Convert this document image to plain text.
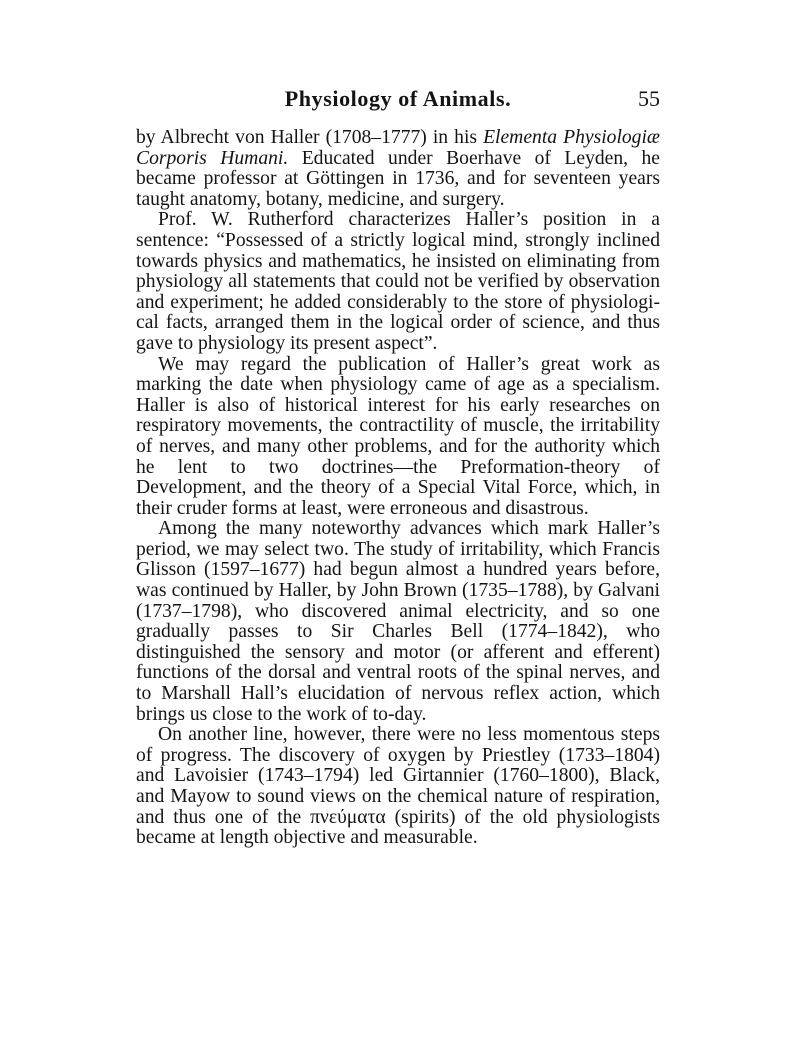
Physiology of Animals.	55

by Albrecht von Haller (1708–1777) in his Elementa Physiologiæ Corporis Humani. Educated under Boerhave of Leyden, he became professor at Göttingen in 1736, and for seventeen years taught anatomy, botany, medicine, and surgery.

Prof. W. Rutherford characterizes Haller’s position in a sentence: “Possessed of a strictly logical mind, strongly inclined towards physics and mathematics, he insisted on eliminating from physiology all statements that could not be verified by observation and experiment; he added considerably to the store of physiological facts, arranged them in the logical order of science, and thus gave to physiology its present aspect”.

We may regard the publication of Haller’s great work as marking the date when physiology came of age as a specialism. Haller is also of historical interest for his early researches on respiratory movements, the contractility of muscle, the irritability of nerves, and many other problems, and for the authority which he lent to two doctrines—the Preformation-theory of Development, and the theory of a Special Vital Force, which, in their cruder forms at least, were erroneous and disastrous.

Among the many noteworthy advances which mark Haller’s period, we may select two. The study of irritability, which Francis Glisson (1597–1677) had begun almost a hundred years before, was continued by Haller, by John Brown (1735–1788), by Galvani (1737–1798), who discovered animal electricity, and so one gradually passes to Sir Charles Bell (1774–1842), who distinguished the sensory and motor (or afferent and efferent) functions of the dorsal and ventral roots of the spinal nerves, and to Marshall Hall’s elucidation of nervous reflex action, which brings us close to the work of to-day.

On another line, however, there were no less momentous steps of progress. The discovery of oxygen by Priestley (1733–1804) and Lavoisier (1743–1794) led Girtannier (1760–1800), Black, and Mayow to sound views on the chemical nature of respiration, and thus one of the πνεύματα (spirits) of the old physiologists became at length objective and measurable.
